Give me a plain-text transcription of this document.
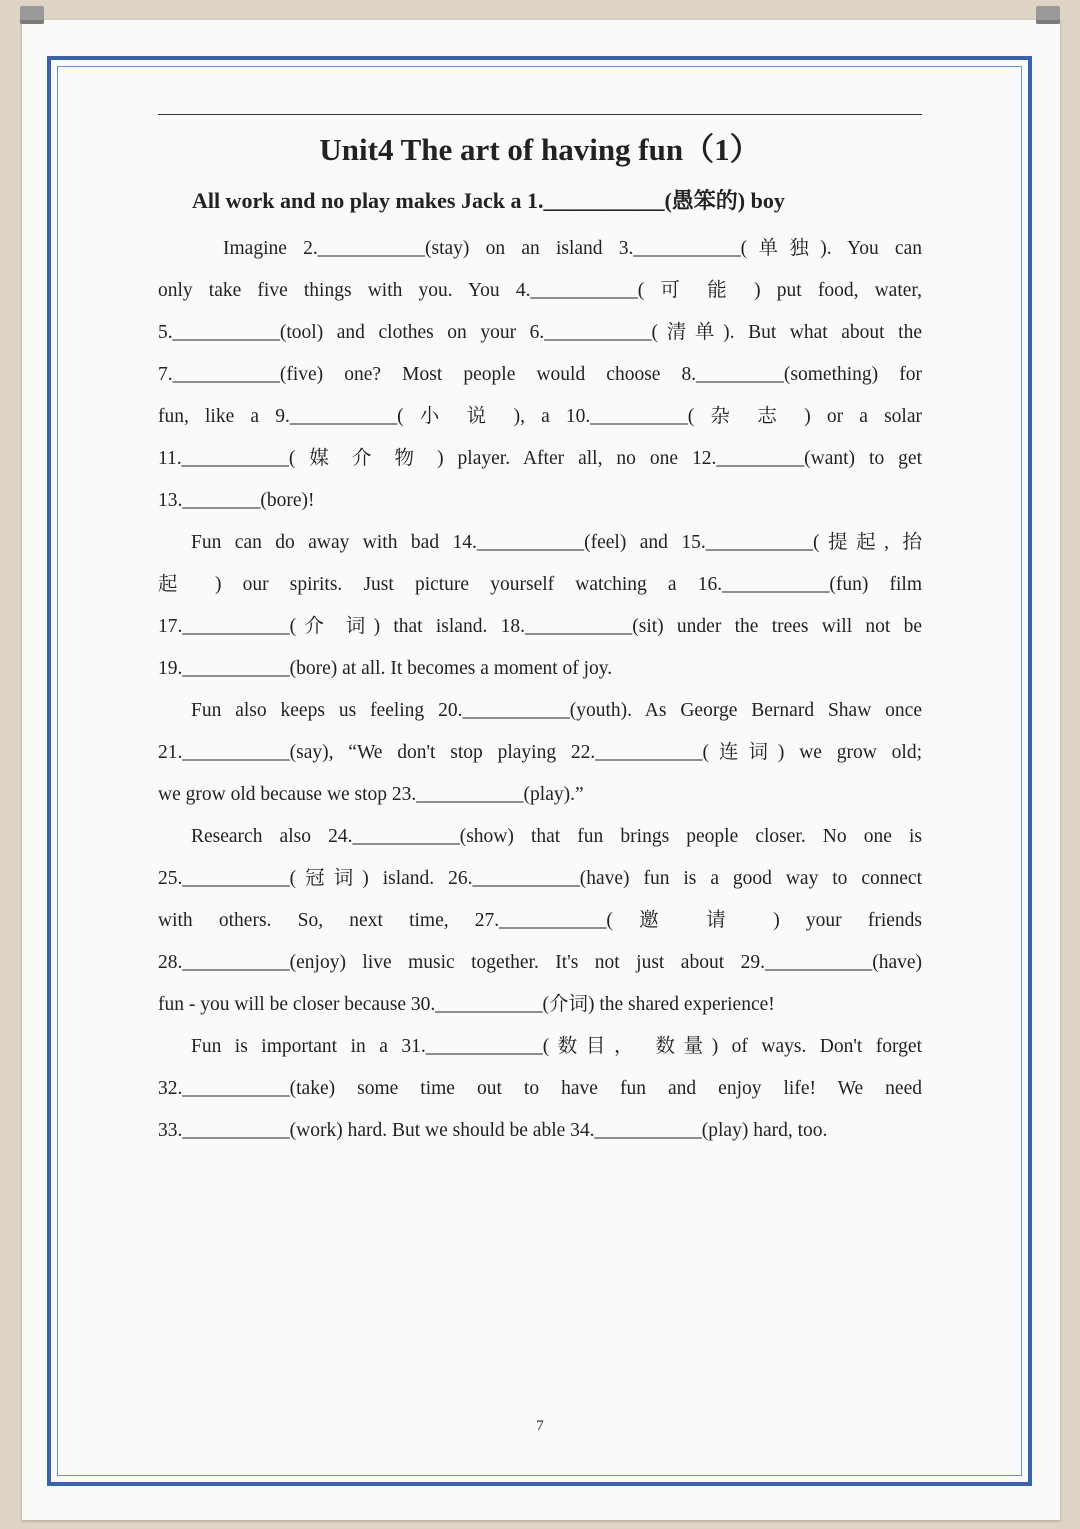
Unit4 The art of having fun（1）
All work and no play makes Jack a 1.___________(愚笨的) boy
Imagine 2.___________(stay) on an island 3.___________(单独). You can
only take five things with you. You 4.___________( 可 能 ) put food, water,
5.___________(tool) and clothes on your 6.___________(清单). But what about the
7.___________(five) one? Most people would choose 8._________(something) for
fun, like a 9.___________( 小 说 ), a 10.__________( 杂 志 ) or a solar
11.___________( 媒 介 物 ) player. After all, no one 12._________(want) to get
13.________(bore)!
Fun can do away with bad 14.___________(feel) and 15.___________(提起, 抬
起 ) our spirits. Just picture yourself watching a 16.___________(fun) film
17.___________(介 词) that island. 18.___________(sit) under the trees will not be
19.___________(bore) at all. It becomes a moment of joy.
Fun also keeps us feeling 20.___________(youth). As George Bernard Shaw once
21.___________(say), “We don't stop playing 22.___________(连词) we grow old;
we grow old because we stop 23.___________(play).”
Research also 24.___________(show) that fun brings people closer. No one is
25.___________(冠词) island. 26.___________(have) fun is a good way to connect
with others. So, next time, 27.___________( 邀 请 ) your friends
28.___________(enjoy) live music together. It's not just about 29.___________(have)
fun - you will be closer because 30.___________(介词) the shared experience!
Fun is important in a 31.____________(数目， 数量) of ways. Don't forget
32.___________(take) some time out to have fun and enjoy life! We need
33.___________(work) hard. But we should be able 34.___________(play) hard, too.
7
